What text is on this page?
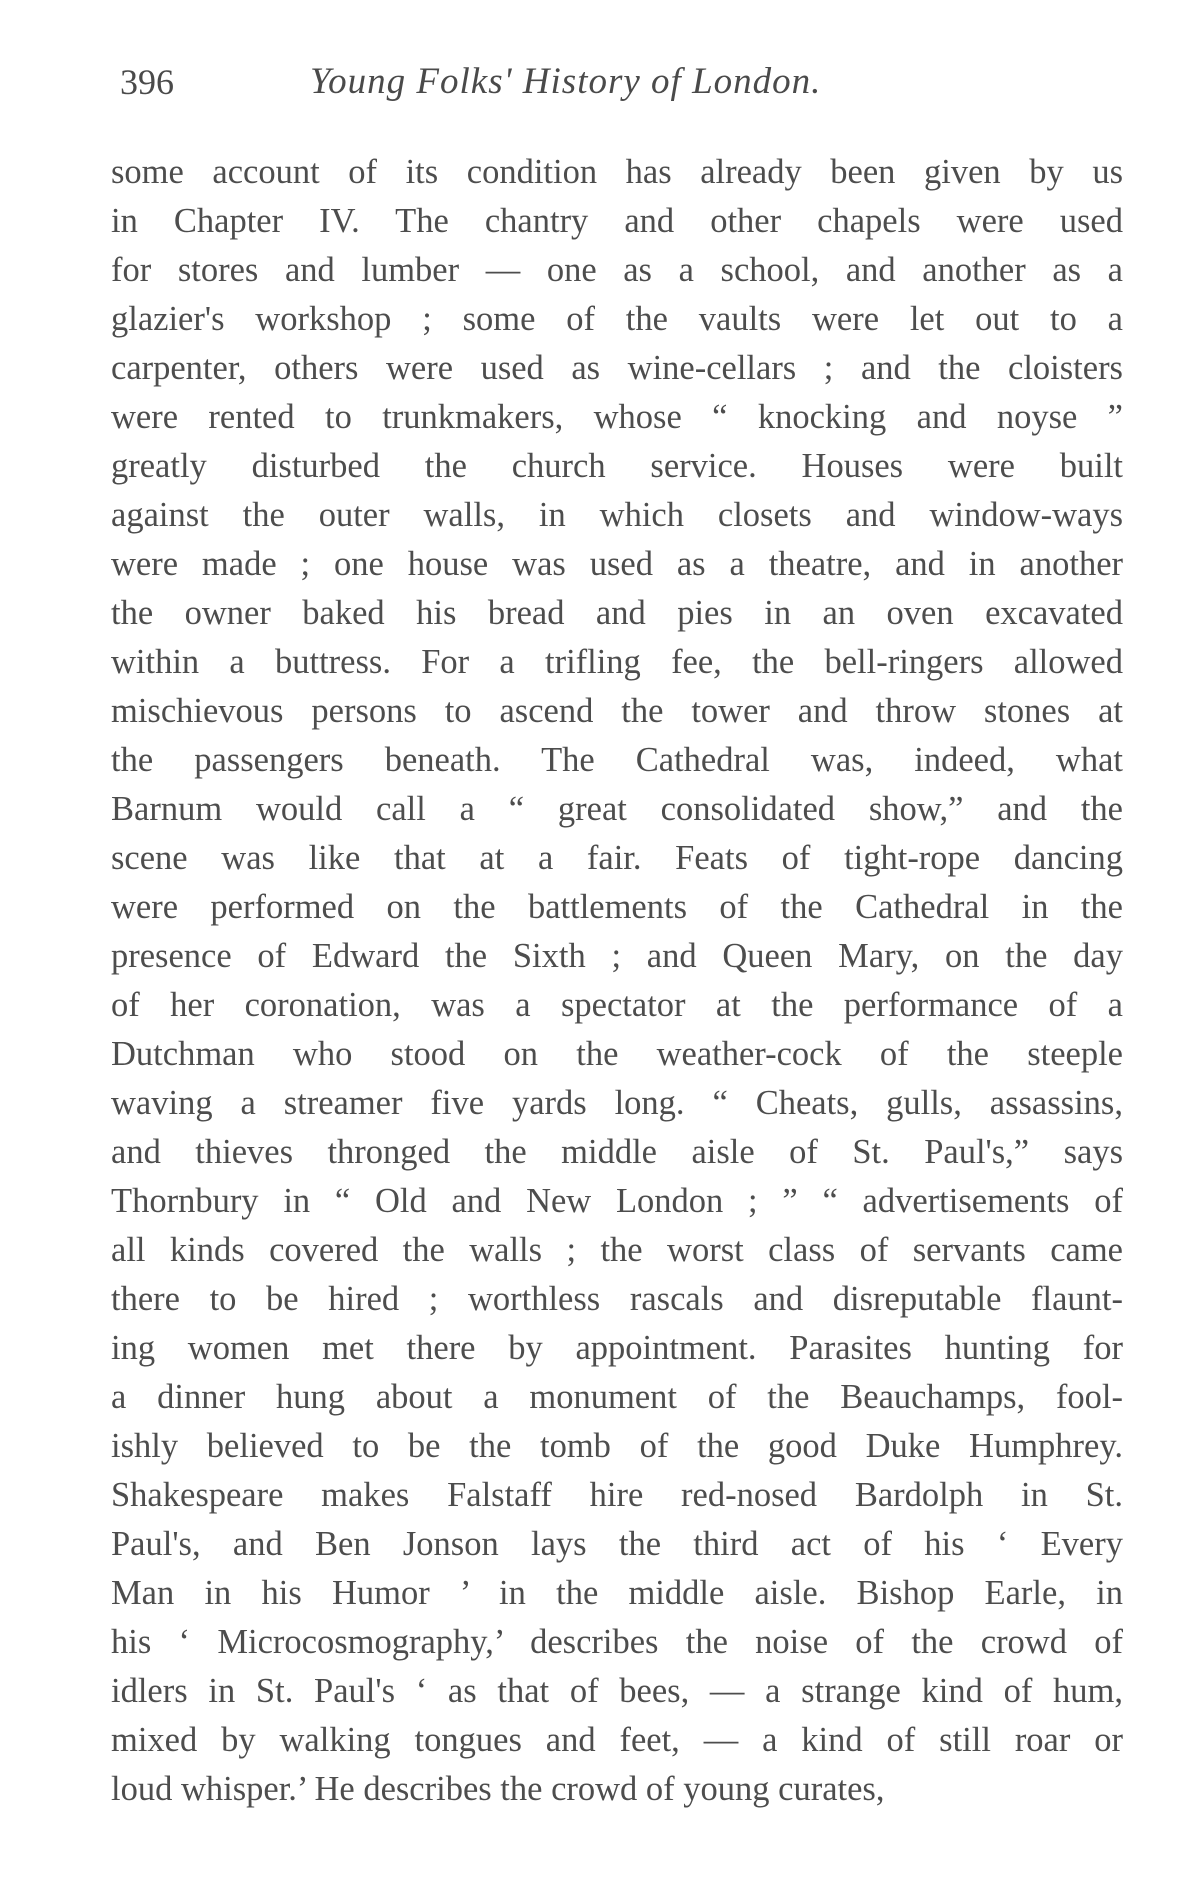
396	Young Folks' History of London.
some account of its condition has already been given by us
in Chapter IV. The chantry and other chapels were used
for stores and lumber — one as a school, and another as a
glazier's workshop ; some of the vaults were let out to a
carpenter, others were used as wine-cellars ; and the cloisters
were rented to trunkmakers, whose “ knocking and noyse ”
greatly disturbed the church service. Houses were built
against the outer walls, in which closets and window-ways
were made ; one house was used as a theatre, and in another
the owner baked his bread and pies in an oven excavated
within a buttress. For a trifling fee, the bell-ringers allowed
mischievous persons to ascend the tower and throw stones at
the passengers beneath. The Cathedral was, indeed, what
Barnum would call a “ great consolidated show,” and the
scene was like that at a fair. Feats of tight-rope dancing
were performed on the battlements of the Cathedral in the
presence of Edward the Sixth ; and Queen Mary, on the day
of her coronation, was a spectator at the performance of a
Dutchman who stood on the weather-cock of the steeple
waving a streamer five yards long. “ Cheats, gulls, assassins,
and thieves thronged the middle aisle of St. Paul's,” says
Thornbury in “ Old and New London ; ” “ advertisements of
all kinds covered the walls ; the worst class of servants came
there to be hired ; worthless rascals and disreputable flaunt-
ing women met there by appointment. Parasites hunting for
a dinner hung about a monument of the Beauchamps, fool-
ishly believed to be the tomb of the good Duke Humphrey.
Shakespeare makes Falstaff hire red-nosed Bardolph in St.
Paul's, and Ben Jonson lays the third act of his ‘ Every
Man in his Humor ’ in the middle aisle. Bishop Earle, in
his ‘ Microcosmography,’ describes the noise of the crowd of
idlers in St. Paul's ‘ as that of bees, — a strange kind of hum,
mixed by walking tongues and feet, — a kind of still roar or
loud whisper.’ He describes the crowd of young curates,
